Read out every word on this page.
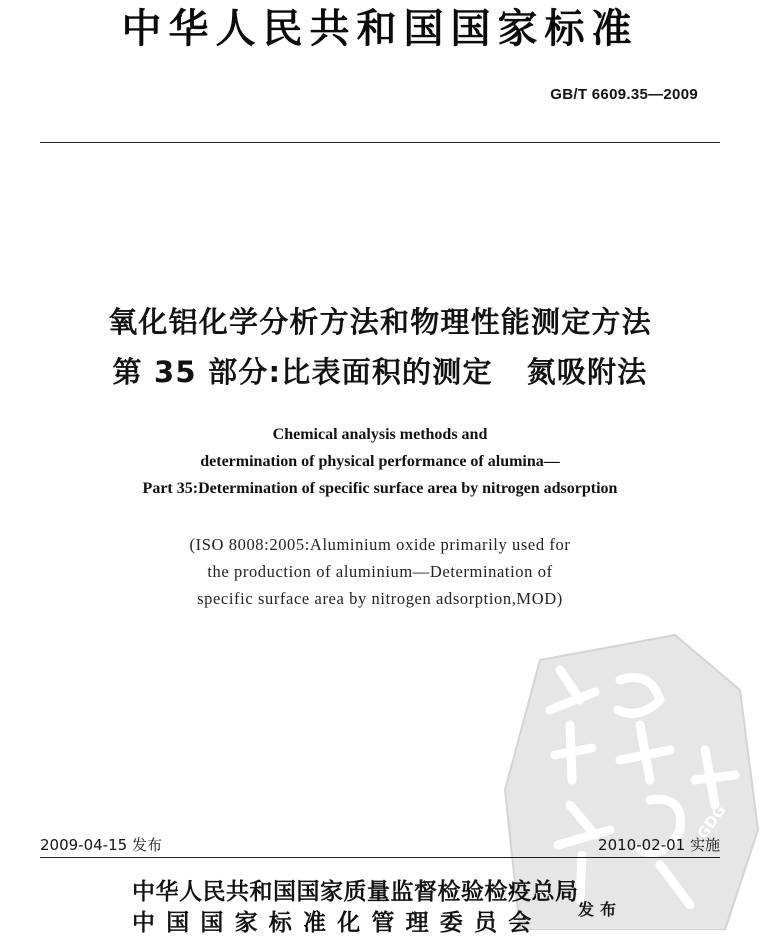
GDG
中华人民共和国国家标准
GB/T 6609.35—2009
氧化铝化学分析方法和物理性能测定方法
第 35 部分:比表面积的测定 氮吸附法
Chemical analysis methods and
determination of physical performance of alumina—
Part 35:Determination of specific surface area by nitrogen adsorption
(ISO 8008:2005:Aluminium oxide primarily used for
the production of aluminium—Determination of
specific surface area by nitrogen adsorption,MOD)
2009-04-15 发布	2010-02-01 实施
中华人民共和国国家质量监督检验检疫总局
中国国家标准化管理委员会 发布
